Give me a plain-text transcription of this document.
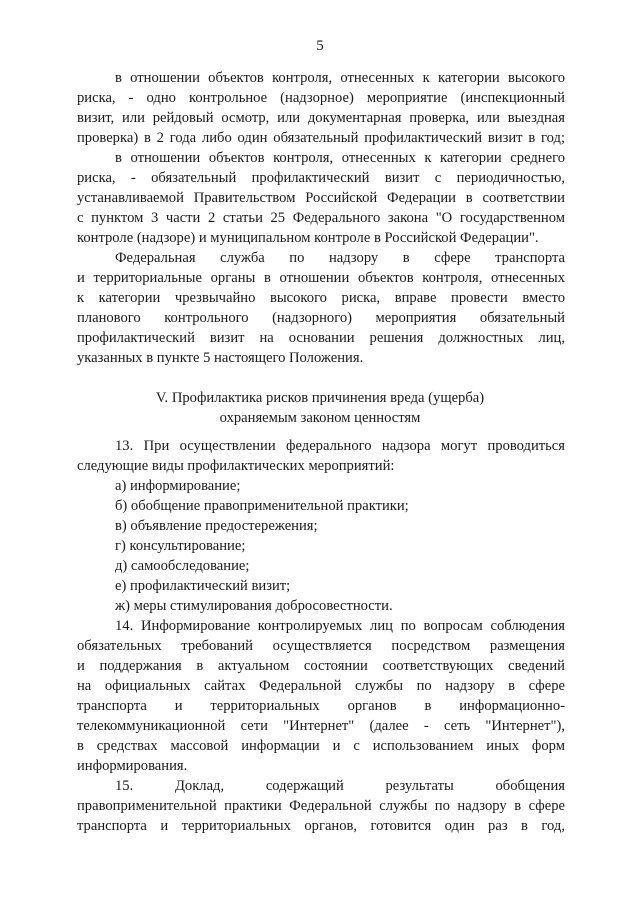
5
в отношении объектов контроля, отнесенных к категории высокого
риска, - одно контрольное (надзорное) мероприятие (инспекционный
визит, или рейдовый осмотр, или документарная проверка, или выездная
проверка) в 2 года либо один обязательный профилактический визит в год;
в отношении объектов контроля, отнесенных к категории среднего
риска, - обязательный профилактический визит с периодичностью,
устанавливаемой Правительством Российской Федерации в соответствии
с пунктом 3 части 2 статьи 25 Федерального закона "О государственном
контроле (надзоре) и муниципальном контроле в Российской Федерации".
Федеральная служба по надзору в сфере транспорта
и территориальные органы в отношении объектов контроля, отнесенных
к категории чрезвычайно высокого риска, вправе провести вместо
планового контрольного (надзорного) мероприятия обязательный
профилактический визит на основании решения должностных лиц,
указанных в пункте 5 настоящего Положения.
V. Профилактика рисков причинения вреда (ущерба)
охраняемым законом ценностям
13. При осуществлении федерального надзора могут проводиться
следующие виды профилактических мероприятий:
а) информирование;
б) обобщение правоприменительной практики;
в) объявление предостережения;
г) консультирование;
д) самообследование;
е) профилактический визит;
ж) меры стимулирования добросовестности.
14. Информирование контролируемых лиц по вопросам соблюдения
обязательных требований осуществляется посредством размещения
и поддержания в актуальном состоянии соответствующих сведений
на официальных сайтах Федеральной службы по надзору в сфере
транспорта и территориальных органов в информационно-
телекоммуникационной сети "Интернет" (далее - сеть "Интернет"),
в средствах массовой информации и с использованием иных форм
информирования.
15. Доклад, содержащий результаты обобщения
правоприменительной практики Федеральной службы по надзору в сфере
транспорта и территориальных органов, готовится один раз в год,
